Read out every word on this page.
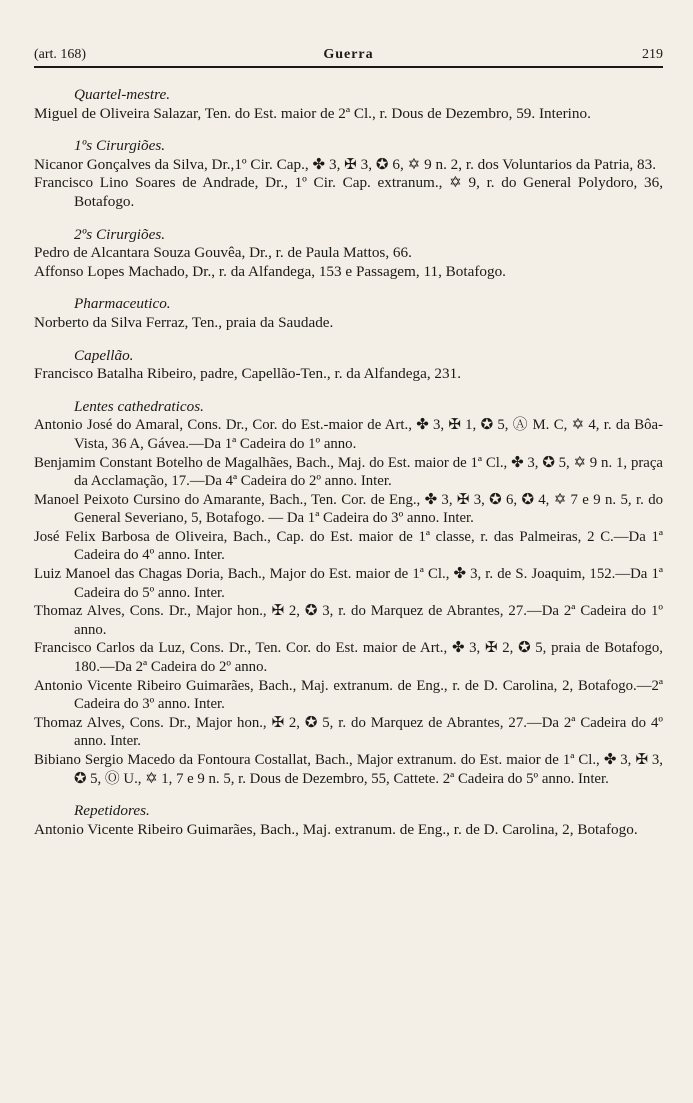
(art. 168)	Guerra	219
Quartel-mestre.
Miguel de Oliveira Salazar, Ten. do Est. maior de 2ª Cl., r. Dous de Dezembro, 59. Interino.
1ºs Cirurgiões.
Nicanor Gonçalves da Silva, Dr.,1º Cir. Cap., ✤ 3, ✠ 3, ✪ 6, ✡ 9 n. 2, r. dos Voluntarios da Patria, 83.
Francisco Lino Soares de Andrade, Dr., 1º Cir. Cap. extranum., ✡ 9, r. do General Polydoro, 36, Botafogo.
2ºs Cirurgiões.
Pedro de Alcantara Souza Gouvêa, Dr., r. de Paula Mattos, 66.
Affonso Lopes Machado, Dr., r. da Alfandega, 153 e Passagem, 11, Botafogo.
Pharmaceutico.
Norberto da Silva Ferraz, Ten., praia da Saudade.
Capellão.
Francisco Batalha Ribeiro, padre, Capellão-Ten., r. da Alfandega, 231.
Lentes cathedraticos.
Antonio José do Amaral, Cons. Dr., Cor. do Est.-maior de Art., ✤ 3, ✠ 1, ✪ 5, Ⓐ M. C, ✡ 4, r. da Bôa-Vista, 36 A, Gávea.—Da 1ª Cadeira do 1º anno.
Benjamim Constant Botelho de Magalhães, Bach., Maj. do Est. maior de 1ª Cl., ✤ 3, ✪ 5, ✡ 9 n. 1, praça da Acclamação, 17.—Da 4ª Cadeira do 2º anno. Inter.
Manoel Peixoto Cursino do Amarante, Bach., Ten. Cor. de Eng., ✤ 3, ✠ 3, ✪ 6, ✪ 4, ✡ 7 e 9 n. 5, r. do General Severiano, 5, Botafogo. — Da 1ª Cadeira do 3º anno. Inter.
José Felix Barbosa de Oliveira, Bach., Cap. do Est. maior de 1ª classe, r. das Palmeiras, 2 C.—Da 1ª Cadeira do 4º anno. Inter.
Luiz Manoel das Chagas Doria, Bach., Major do Est. maior de 1ª Cl., ✤ 3, r. de S. Joaquim, 152.—Da 1ª Cadeira do 5º anno. Inter.
Thomaz Alves, Cons. Dr., Major hon., ✠ 2, ✪ 3, r. do Marquez de Abrantes, 27.—Da 2ª Cadeira do 1º anno.
Francisco Carlos da Luz, Cons. Dr., Ten. Cor. do Est. maior de Art., ✤ 3, ✠ 2, ✪ 5, praia de Botafogo, 180.—Da 2ª Cadeira do 2º anno.
Antonio Vicente Ribeiro Guimarães, Bach., Maj. extranum. de Eng., r. de D. Carolina, 2, Botafogo.—2ª Cadeira do 3º anno. Inter.
Thomaz Alves, Cons. Dr., Major hon., ✠ 2, ✪ 5, r. do Marquez de Abrantes, 27.—Da 2ª Cadeira do 4º anno. Inter.
Bibiano Sergio Macedo da Fontoura Costallat, Bach., Major extranum. do Est. maior de 1ª Cl., ✤ 3, ✠ 3, ✪ 5, Ⓞ U., ✡ 1, 7 e 9 n. 5, r. Dous de Dezembro, 55, Cattete. 2ª Cadeira do 5º anno. Inter.
Repetidores.
Antonio Vicente Ribeiro Guimarães, Bach., Maj. extranum. de Eng., r. de D. Carolina, 2, Botafogo.
